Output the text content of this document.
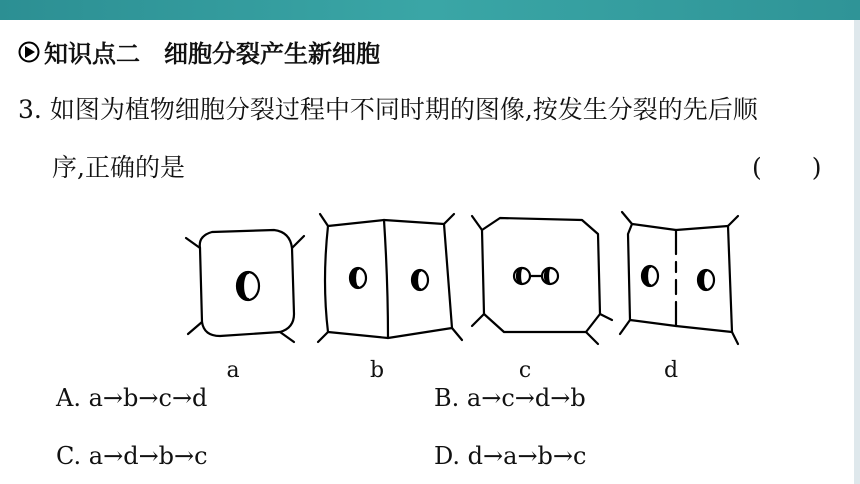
知识点二　细胞分裂产生新细胞
3. 如图为植物细胞分裂过程中不同时期的图像,按发生分裂的先后顺
序,正确的是	(　　)
a	b	c	d
A. a→b→c→d	B. a→c→d→b
C. a→d→b→c	D. d→a→b→c
